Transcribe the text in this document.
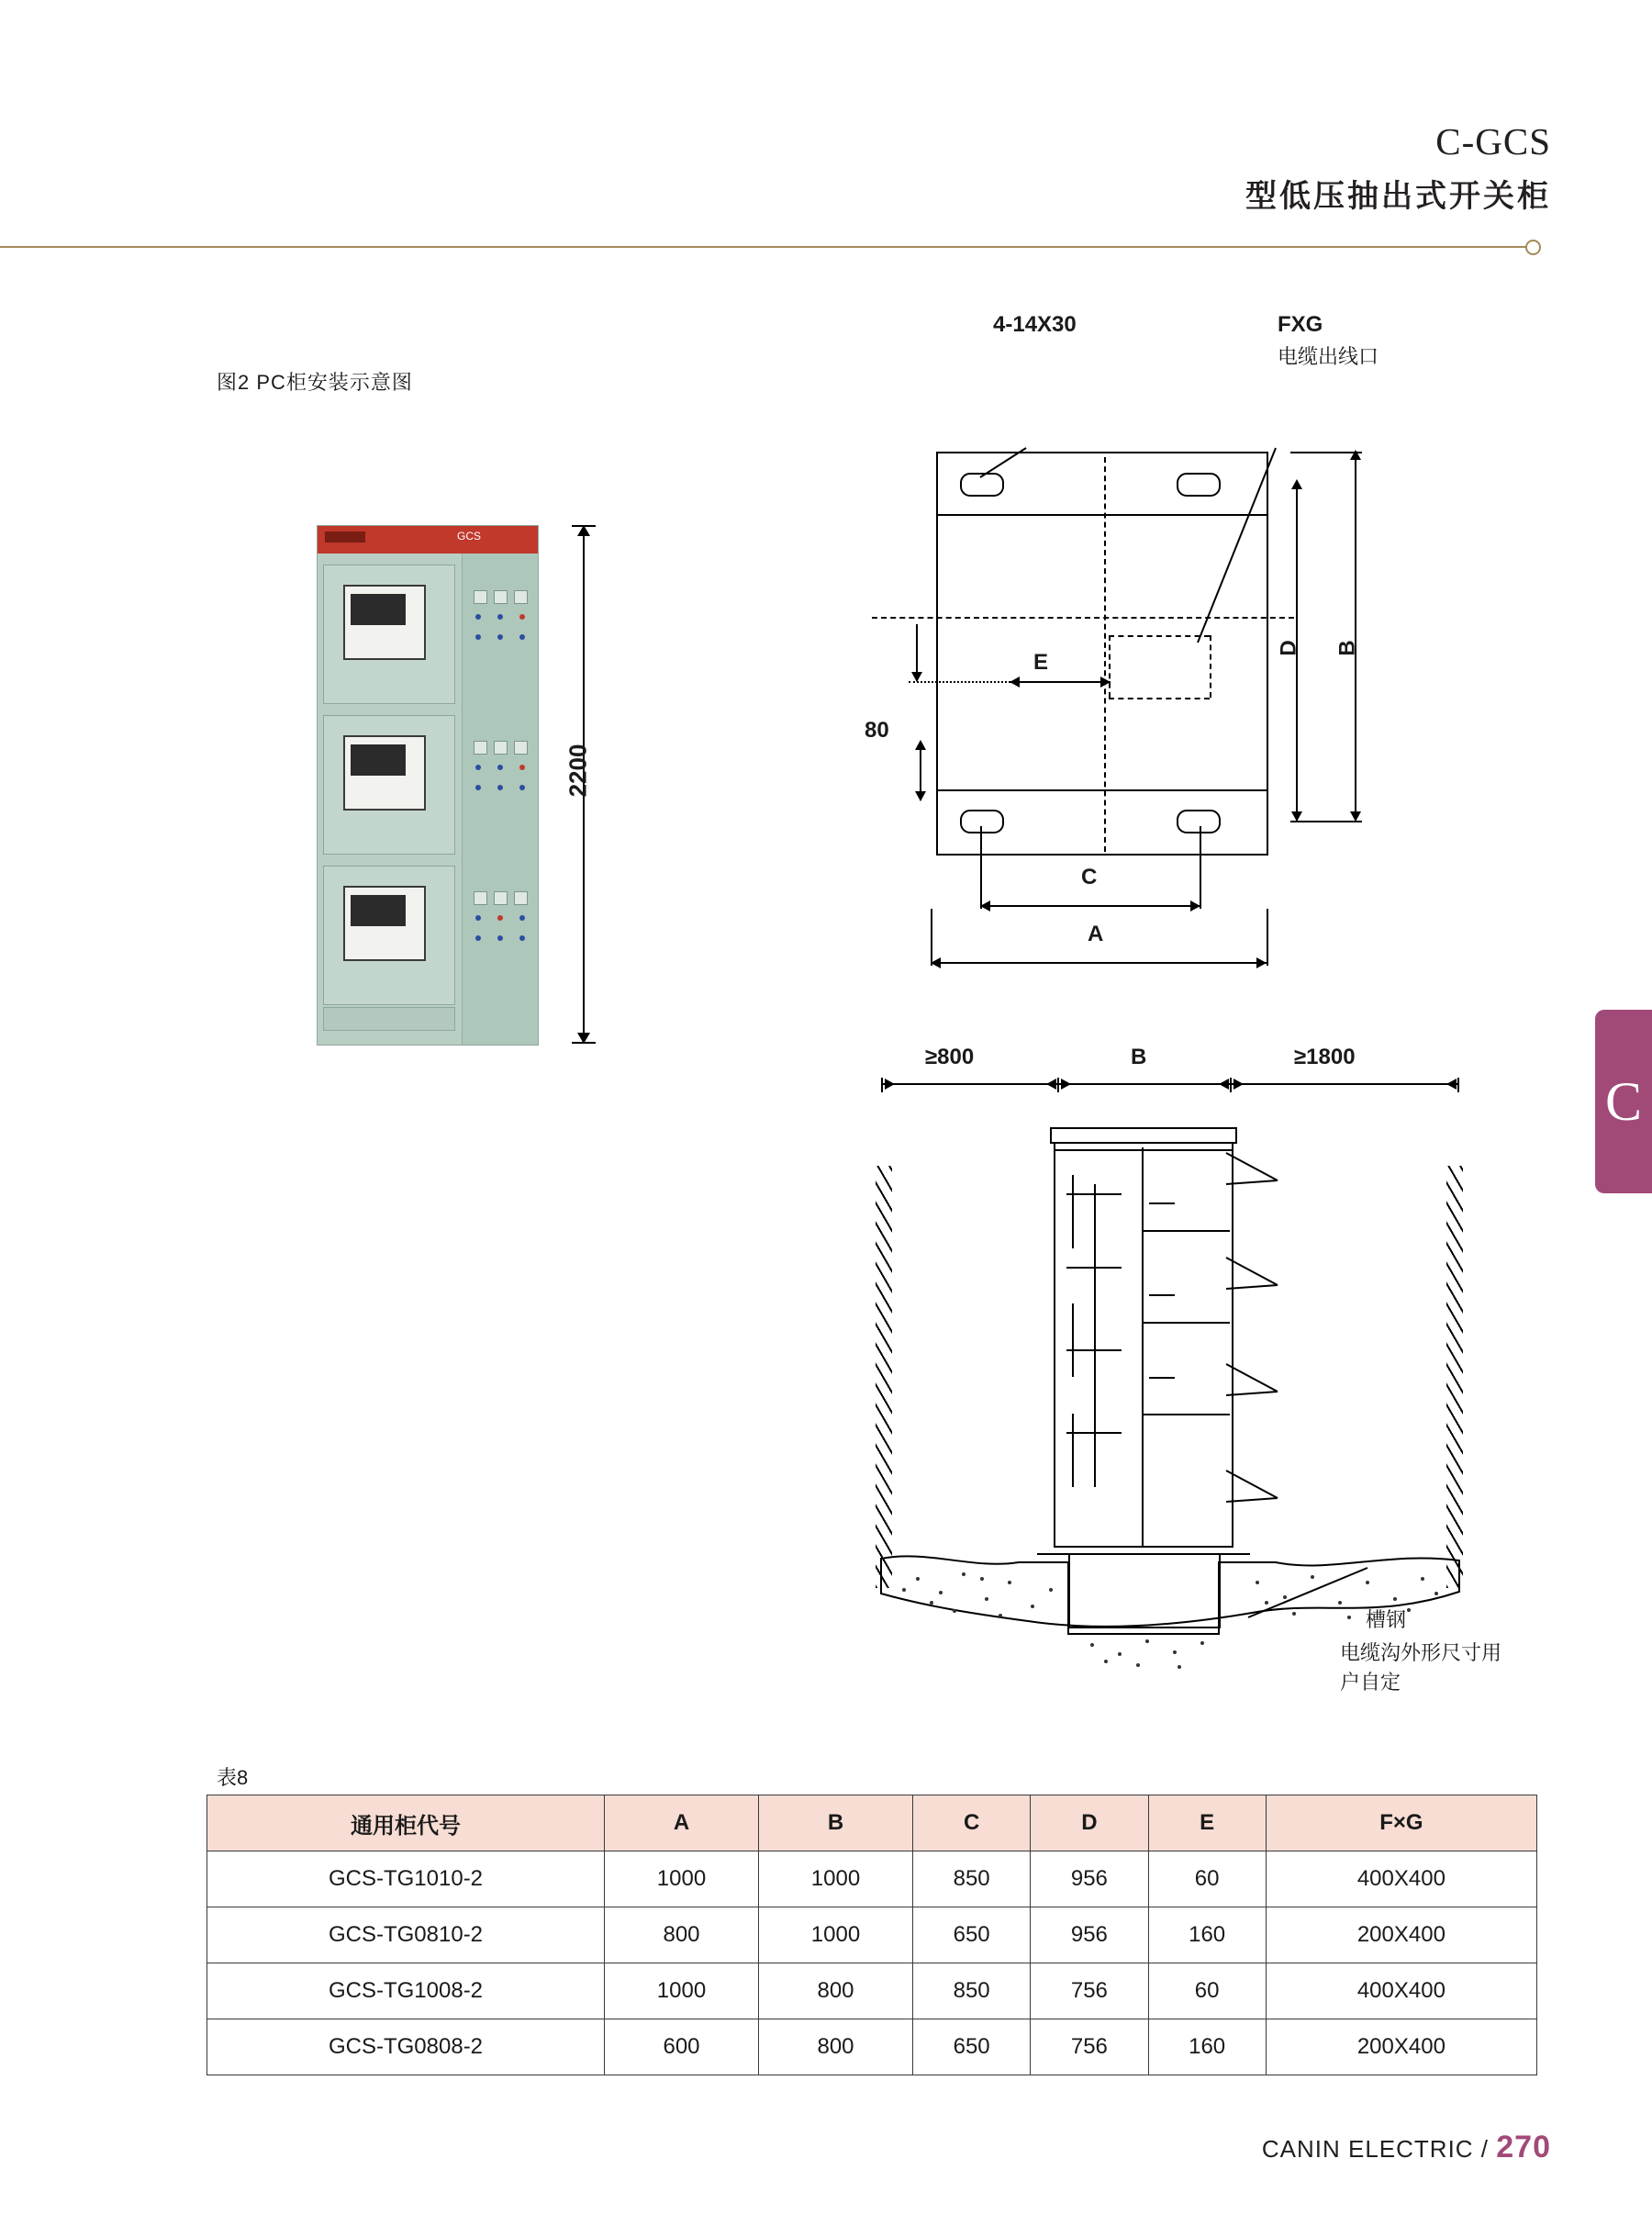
C-GCS
型低压抽出式开关柜
C
图2 PC柜安装示意图
GCS
2200
E
80
D B
C
A
4-14X30	FXG
电缆出线口
≥800	B	≥1800
槽钢
电缆沟外形尺寸用
户自定
表8
通用柜代号	A	B	C	D	E	F×G
GCS-TG1010-2	1000	1000	850	956	60	400X400
GCS-TG0810-2	800	1000	650	956	160	200X400
GCS-TG1008-2	1000	800	850	756	60	400X400
GCS-TG0808-2	600	800	650	756	160	200X400
CANIN ELECTRIC / 270
